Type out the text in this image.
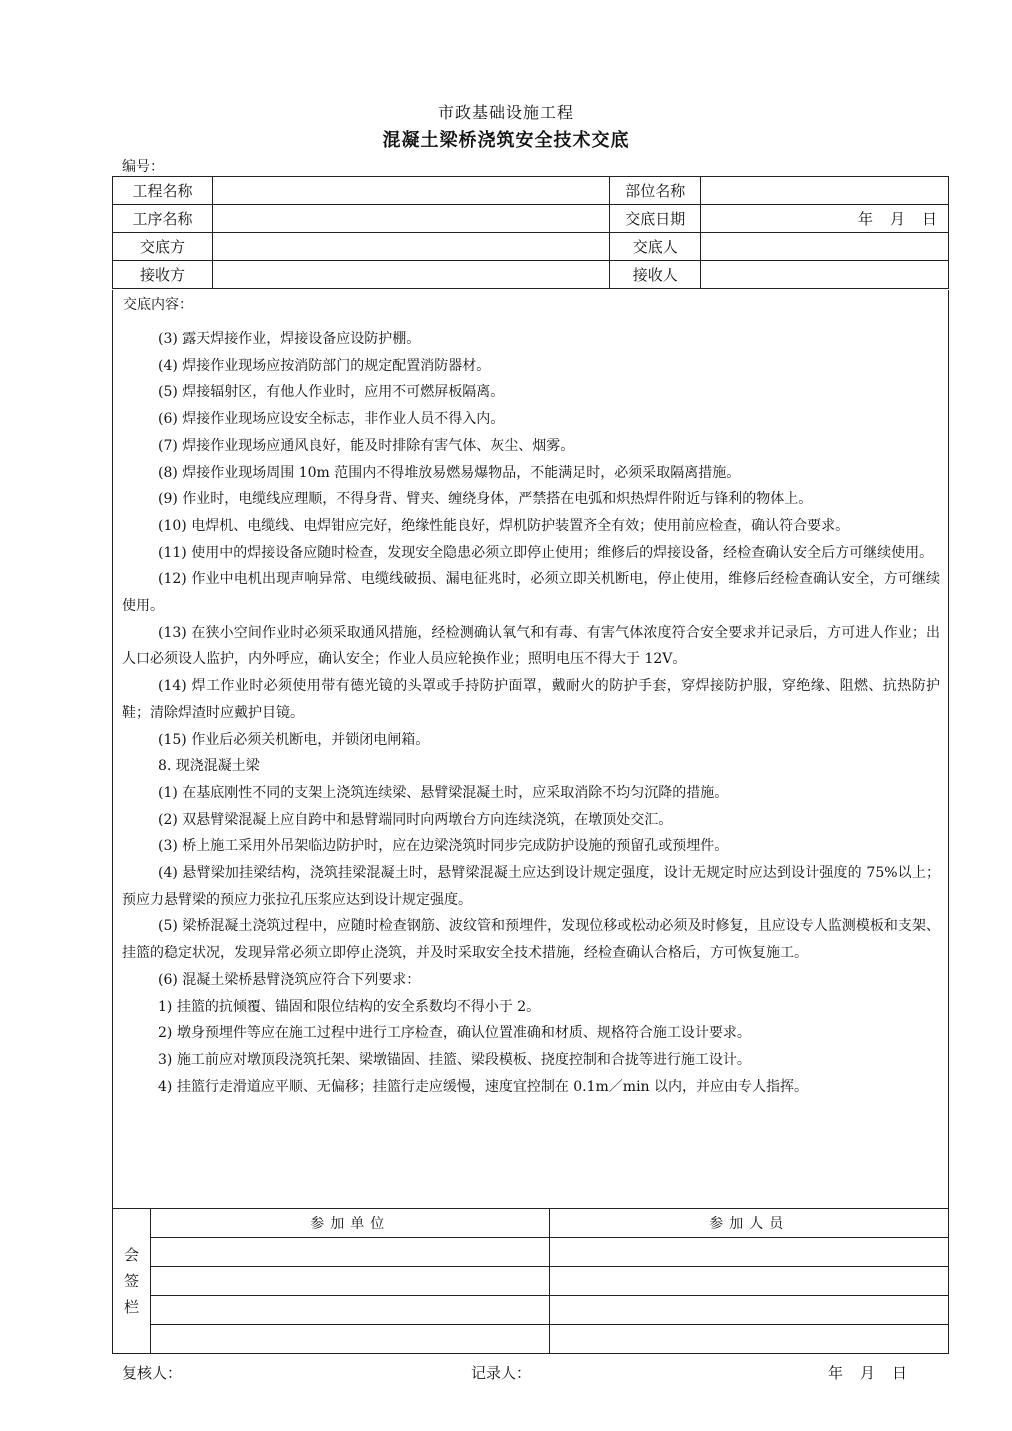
市政基础设施工程
混凝土梁桥浇筑安全技术交底
编号：
工程名称		部位名称	
工序名称		交底日期	年　月　日
交底方		交底人	
接收方		接收人	
交底内容：

(3) 露天焊接作业，焊接设备应设防护棚。

(4) 焊接作业现场应按消防部门的规定配置消防器材。

(5) 焊接辐射区，有他人作业时，应用不可燃屏板隔离。

(6) 焊接作业现场应设安全标志，非作业人员不得入内。

(7) 焊接作业现场应通风良好，能及时排除有害气体、灰尘、烟雾。

(8) 焊接作业现场周围 10m 范围内不得堆放易燃易爆物品，不能满足时，必须采取隔离措施。

(9) 作业时，电缆线应理顺，不得身背、臂夹、缠绕身体，严禁搭在电弧和炽热焊件附近与锋利的物体上。

(10) 电焊机、电缆线、电焊钳应完好，绝缘性能良好，焊机防护装置齐全有效；使用前应检查，确认符合要求。

(11) 使用中的焊接设备应随时检查，发现安全隐患必须立即停止使用；维修后的焊接设备，经检查确认安全后方可继续使用。

(12) 作业中电机出现声响异常、电缆线破损、漏电征兆时，必须立即关机断电，停止使用，维修后经检查确认安全，方可继续使用。

(13) 在狭小空间作业时必须采取通风措施，经检测确认氧气和有毒、有害气体浓度符合安全要求并记录后，方可进人作业；出人口必须设人监护，内外呼应，确认安全；作业人员应轮换作业；照明电压不得大于 12V。

(14) 焊工作业时必须使用带有德光镜的头罩或手持防护面罩，戴耐火的防护手套，穿焊接防护服，穿绝缘、阻燃、抗热防护鞋；清除焊渣时应戴护目镜。

(15) 作业后必须关机断电，并锁闭电闸箱。

8. 现浇混凝土梁

(1) 在基底刚性不同的支架上浇筑连续梁、悬臂梁混凝土时，应采取消除不均匀沉降的措施。

(2) 双悬臂梁混凝上应自跨中和悬臂端同时向两墩台方向连续浇筑，在墩顶处交汇。

(3) 桥上施工采用外吊架临边防护时，应在边梁浇筑时同步完成防护设施的预留孔或预埋件。

(4) 悬臂梁加挂梁结构，浇筑挂梁混凝土时，悬臂梁混凝土应达到设计规定强度，设计无规定时应达到设计强度的 75%以上；预应力悬臂梁的预应力张拉孔压浆应达到设计规定强度。

(5) 梁桥混凝土浇筑过程中，应随时检查钢筋、波纹管和预埋件，发现位移或松动必须及时修复，且应设专人监测模板和支架、挂篮的稳定状况，发现异常必须立即停止浇筑，并及时采取安全技术措施，经检查确认合格后，方可恢复施工。

(6) 混凝土梁桥悬臂浇筑应符合下列要求：

1) 挂篮的抗倾覆、锚固和限位结构的安全系数均不得小于 2。

2) 墩身预埋件等应在施工过程中进行工序检查，确认位置准确和材质、规格符合施工设计要求。

3) 施工前应对墩顶段浇筑托架、梁墩锚固、挂篮、梁段模板、挠度控制和合拢等进行施工设计。

4) 挂篮行走滑道应平顺、无偏移；挂篮行走应缓慢，速度宜控制在 0.1m／min 以内，并应由专人指挥。

会
签
栏	参加单位	参加人员

复核人：	记录人：	年　月　日
